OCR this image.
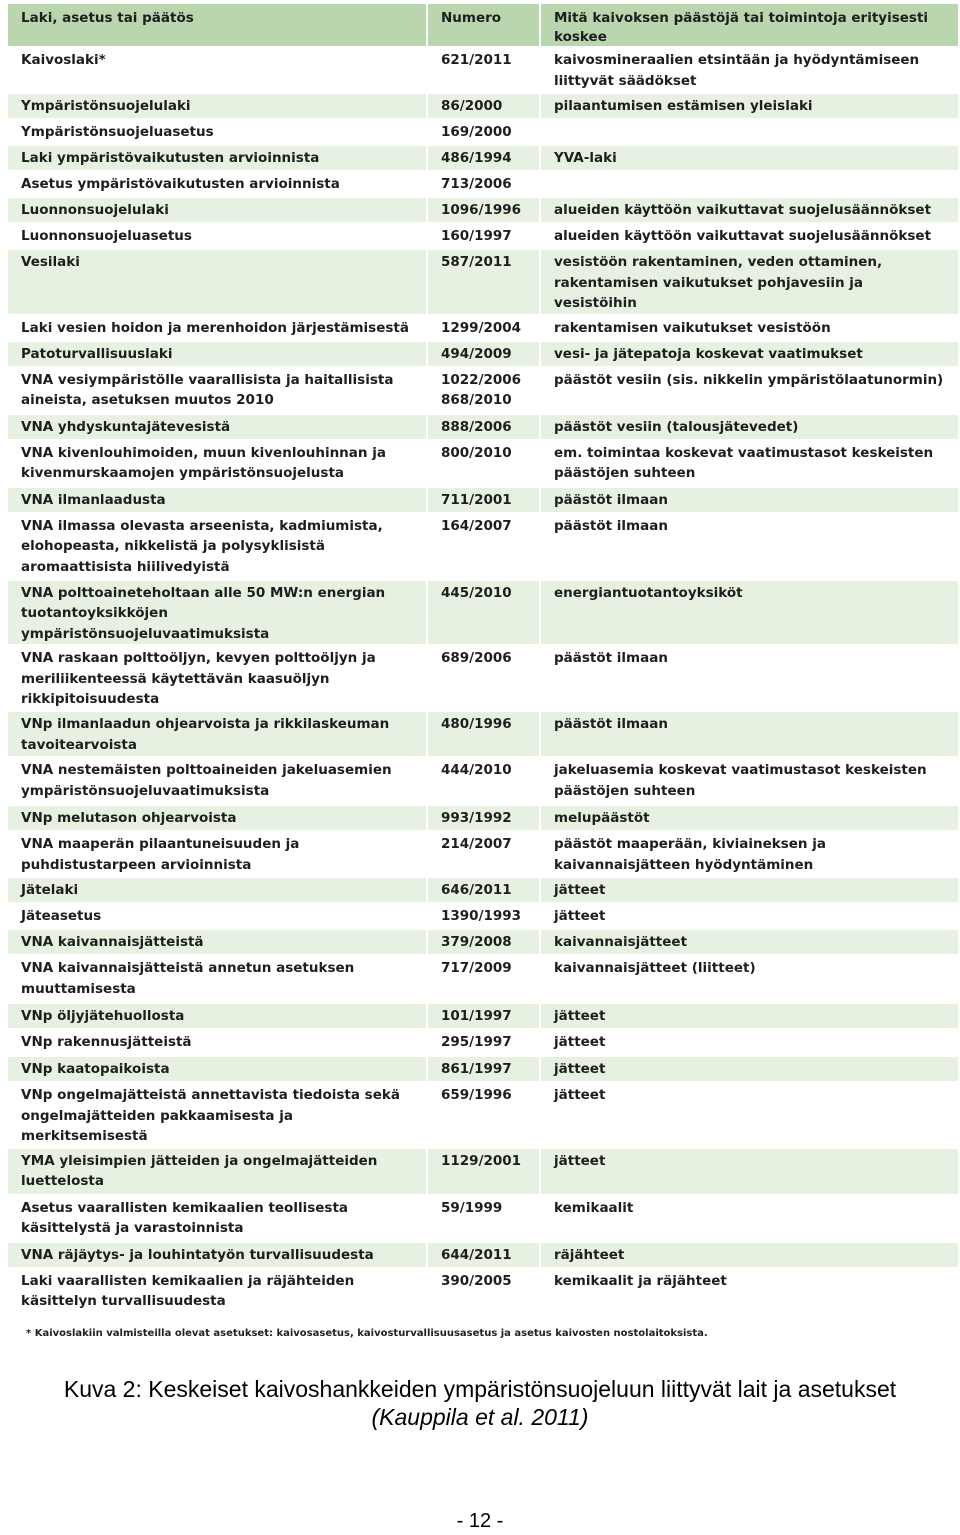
Laki, asetus tai päätös	Numero	Mitä kaivoksen päästöjä tai toimintoja erityisesti koskee
Kaivoslaki*	621/2011	kaivosmineraalien etsintään ja hyödyntämiseen liittyvät säädökset
Ympäristönsuojelulaki	86/2000	pilaantumisen estämisen yleislaki
Ympäristönsuojeluasetus	169/2000	
Laki ympäristövaikutusten arvioinnista	486/1994	YVA-laki
Asetus ympäristövaikutusten arvioinnista	713/2006	
Luonnonsuojelulaki	1096/1996	alueiden käyttöön vaikuttavat suojelusäännökset
Luonnonsuojeluasetus	160/1997	alueiden käyttöön vaikuttavat suojelusäännökset
Vesilaki	587/2011	vesistöön rakentaminen, veden ottaminen, rakentamisen vaikutukset pohjavesiin ja vesistöihin
Laki vesien hoidon ja merenhoidon järjestämisestä	1299/2004	rakentamisen vaikutukset vesistöön
Patoturvallisuuslaki	494/2009	vesi- ja jätepatoja koskevat vaatimukset
VNA vesiympäristölle vaarallisista ja haitallisista aineista, asetuksen muutos 2010	1022/2006 868/2010	päästöt vesiin (sis. nikkelin ympäristölaatunormin)
VNA yhdyskuntajätevesistä	888/2006	päästöt vesiin (talousjätevedet)
VNA kivenlouhimoiden, muun kivenlouhinnan ja kivenmurskaamojen ympäristönsuojelusta	800/2010	em. toimintaa koskevat vaatimustasot keskeisten päästöjen suhteen
VNA ilmanlaadusta	711/2001	päästöt ilmaan
VNA ilmassa olevasta arseenista, kadmiumista, elohopeasta, nikkelistä ja polysyklisistä aromaattisista hiilivedyistä	164/2007	päästöt ilmaan
VNA polttoaineteholtaan alle 50 MW:n energian tuotantoyksikköjen ympäristönsuojeluvaatimuksista	445/2010	energiantuotantoyksiköt
VNA raskaan polttoöljyn, kevyen polttoöljyn ja meriliikenteessä käytettävän kaasuöljyn rikkipitoisuudesta	689/2006	päästöt ilmaan
VNp ilmanlaadun ohjearvoista ja rikkilaskeuman tavoitearvoista	480/1996	päästöt ilmaan
VNA nestemäisten polttoaineiden jakeluasemien ympäristönsuojeluvaatimuksista	444/2010	jakeluasemia koskevat vaatimustasot keskeisten päästöjen suhteen
VNp melutason ohjearvoista	993/1992	melupäästöt
VNA maaperän pilaantuneisuuden ja puhdistustarpeen arvioinnista	214/2007	päästöt maaperään, kiviaineksen ja kaivannaisjätteen hyödyntäminen
Jätelaki	646/2011	jätteet
Jäteasetus	1390/1993	jätteet
VNA kaivannaisjätteistä	379/2008	kaivannaisjätteet
VNA kaivannaisjätteistä annetun asetuksen muuttamisesta	717/2009	kaivannaisjätteet (liitteet)
VNp öljyjätehuollosta	101/1997	jätteet
VNp rakennusjätteistä	295/1997	jätteet
VNp kaatopaikoista	861/1997	jätteet
VNp ongelmajätteistä annettavista tiedoista sekä ongelmajätteiden pakkaamisesta ja merkitsemisestä	659/1996	jätteet
YMA yleisimpien jätteiden ja ongelmajätteiden luettelosta	1129/2001	jätteet
Asetus vaarallisten kemikaalien teollisesta käsittelystä ja varastoinnista	59/1999	kemikaalit
VNA räjäytys- ja louhintatyön turvallisuudesta	644/2011	räjähteet
Laki vaarallisten kemikaalien ja räjähteiden käsittelyn turvallisuudesta	390/2005	kemikaalit ja räjähteet
* Kaivoslakiin valmisteilla olevat asetukset: kaivosasetus, kaivosturvallisuusasetus ja asetus kaivosten nostolaitoksista.
Kuva 2: Keskeiset kaivoshankkeiden ympäristönsuojeluun liittyvät lait ja asetukset
(Kauppila et al. 2011)
- 12 -
